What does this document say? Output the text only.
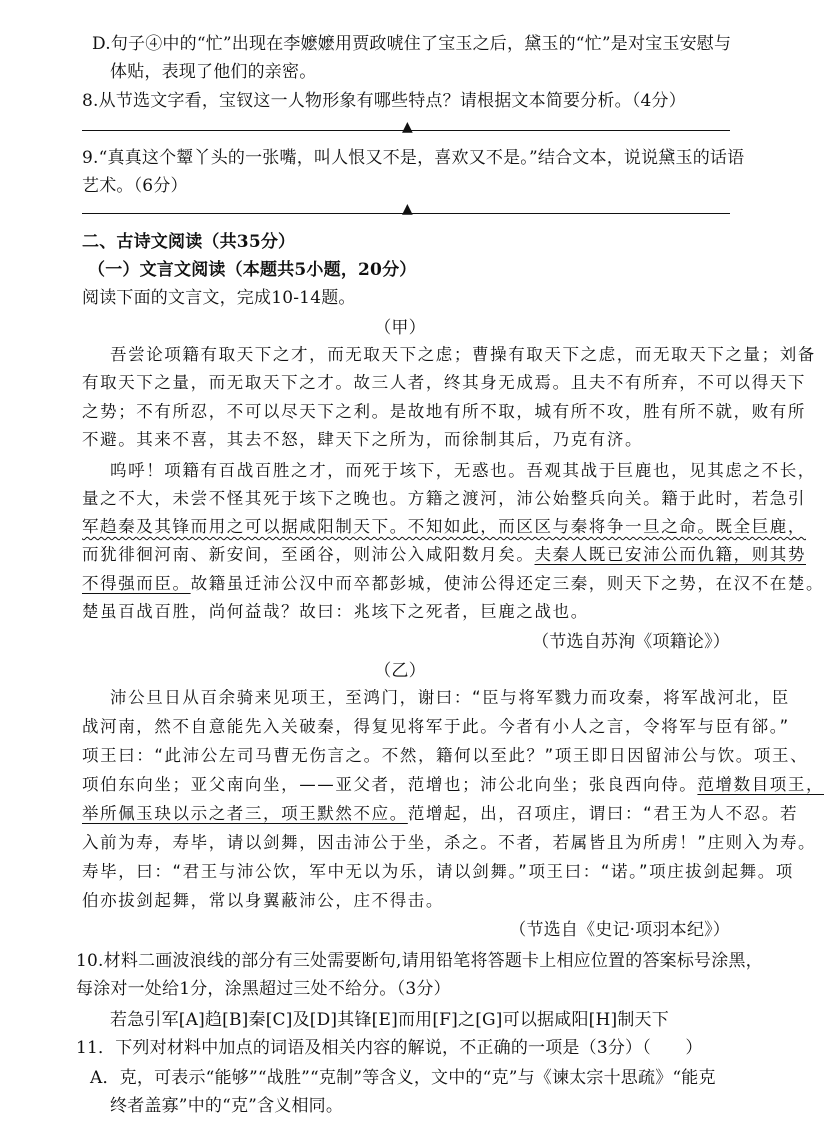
D.句子④中的“忙”出现在李嬷嬷用贾政唬住了宝玉之后，黛玉的“忙”是对宝玉安慰与
体贴，表现了他们的亲密。
8.从节选文字看，宝钗这一人物形象有哪些特点？请根据文本简要分析。（4分）
▲
9.“真真这个颦丫头的一张嘴，叫人恨又不是，喜欢又不是。”结合文本，说说黛玉的话语
艺术。（6分）
▲
二、古诗文阅读（共35分）
（一）文言文阅读（本题共5小题，20分）
阅读下面的文言文，完成10-14题。
（甲）
吾尝论项籍有取天下之才，而无取天下之虑；曹操有取天下之虑，而无取天下之量；刘备
有取天下之量，而无取天下之才。故三人者，终其身无成焉。且夫不有所弃，不可以得天下
之势；不有所忍，不可以尽天下之利。是故地有所不取，城有所不攻，胜有所不就，败有所
不避。其来不喜，其去不怒，肆天下之所为，而徐制其后，乃克有济。
呜呼！项籍有百战百胜之才，而死于垓下，无惑也。吾观其战于巨鹿也，见其虑之不长，
量之不大，未尝不怪其死于垓下之晚也。方籍之渡河，沛公始整兵向关。籍于此时，若急引
军趋秦及其锋而用之可以据咸阳制天下。不知如此，而区区与秦将争一旦之命。既全巨鹿，
而犹徘徊河南、新安间，至函谷，则沛公入咸阳数月矣。夫秦人既已安沛公而仇籍，则其势
不得强而臣。故籍虽迁沛公汉中而卒都彭城，使沛公得还定三秦，则天下之势，在汉不在楚。
楚虽百战百胜，尚何益哉？故曰：兆垓下之死者，巨鹿之战也。
（节选自苏洵《项籍论》）
（乙）
沛公旦日从百余骑来见项王，至鸿门，谢曰：“臣与将军戮力而攻秦，将军战河北，臣
战河南，然不自意能先入关破秦，得复见将军于此。今者有小人之言，令将军与臣有郤。”
项王曰：“此沛公左司马曹无伤言之。不然，籍何以至此？”项王即日因留沛公与饮。项王、
项伯东向坐；亚父南向坐，——亚父者，范增也；沛公北向坐；张良西向侍。范增数目项王，
举所佩玉玦以示之者三，项王默然不应。范增起，出，召项庄，谓曰：“君王为人不忍。若
入前为寿，寿毕，请以剑舞，因击沛公于坐，杀之。不者，若属皆且为所虏！”庄则入为寿。
寿毕，曰：“君王与沛公饮，军中无以为乐，请以剑舞。”项王曰：“诺。”项庄拔剑起舞。项
伯亦拔剑起舞，常以身翼蔽沛公，庄不得击。
（节选自《史记·项羽本纪》）
10.材料二画波浪线的部分有三处需要断句,请用铅笔将答题卡上相应位置的答案标号涂黑，
每涂对一处给1分，涂黑超过三处不给分。（3分）
若急引军[A]趋[B]秦[C]及[D]其锋[E]而用[F]之[G]可以据咸阳[H]制天下
11．下列对材料中加点的词语及相关内容的解说，不正确的一项是（3分）（　　）
A．克，可表示“能够”“战胜”“克制”等含义，文中的“克”与《谏太宗十思疏》“能克
终者盖寡”中的“克”含义相同。
